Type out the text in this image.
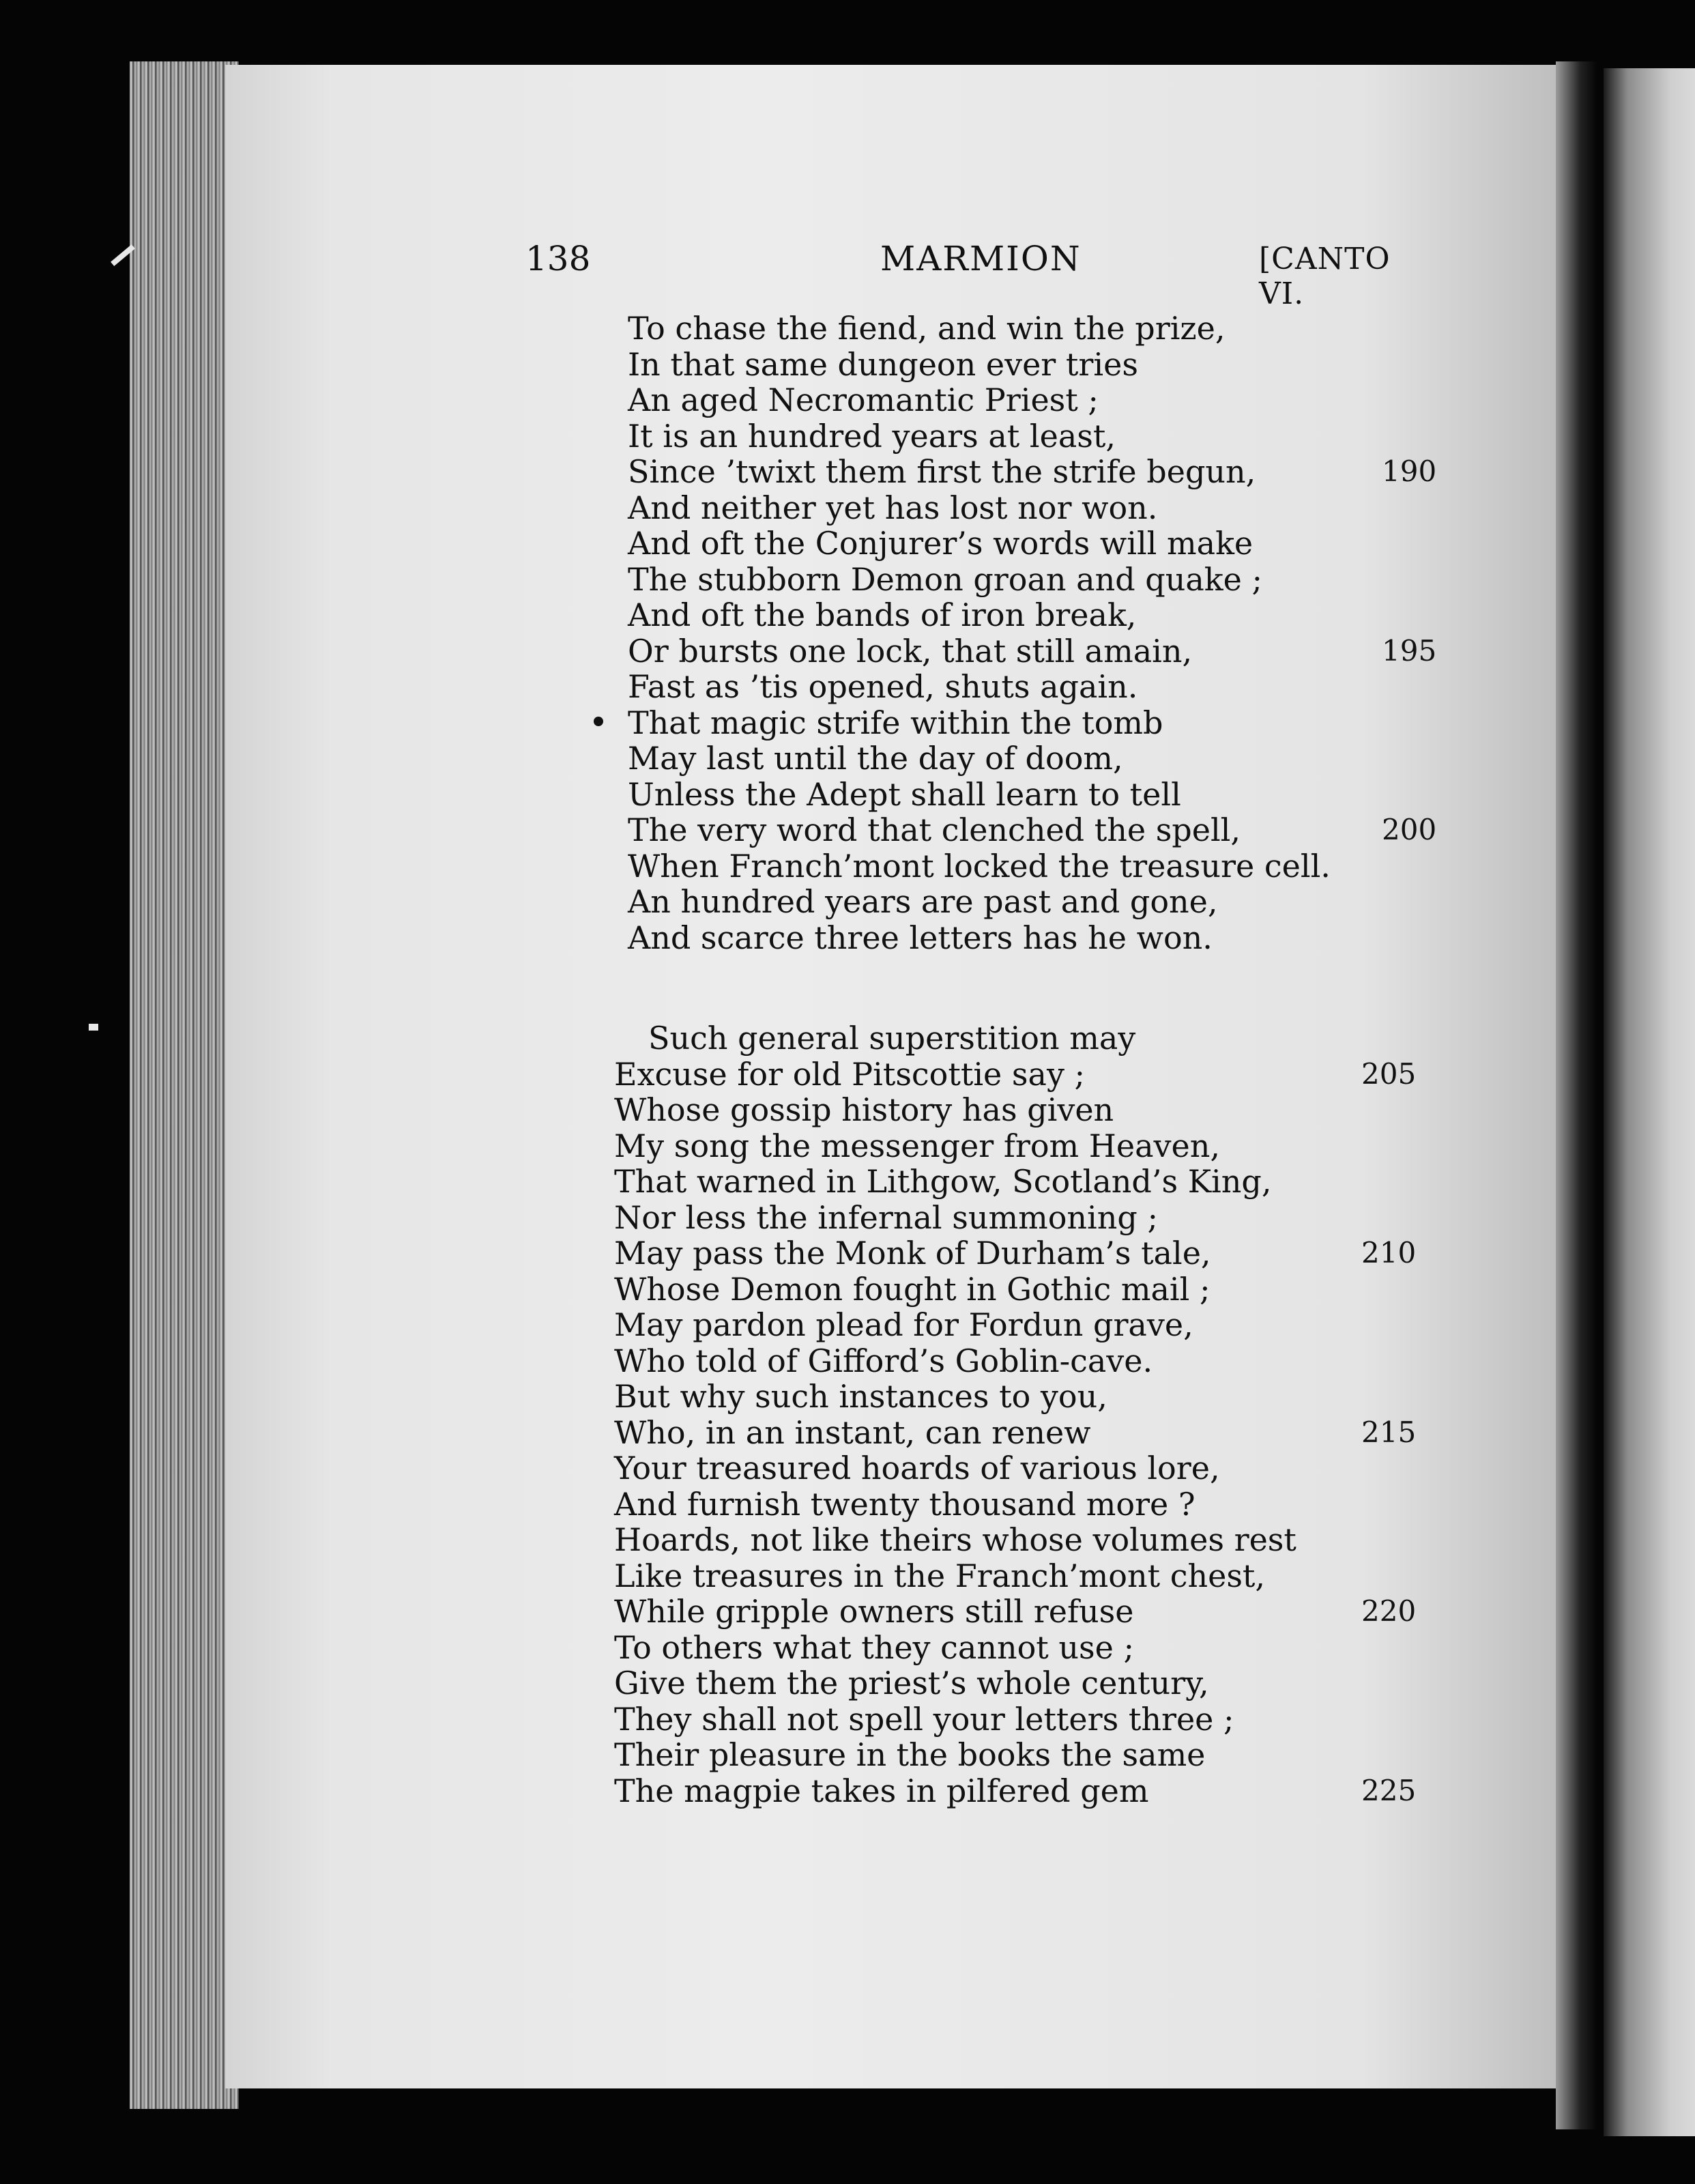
138	MARMION	[CANTO VI.
To chase the fiend, and win the prize,
In that same dungeon ever tries
An aged Necromantic Priest ;
It is an hundred years at least,
Since ’twixt them first the strife begun,	190
And neither yet has lost nor won.
And oft the Conjurer’s words will make
The stubborn Demon groan and quake ;
And oft the bands of iron break,
Or bursts one lock, that still amain,	195
Fast as ’tis opened, shuts again.
That magic strife within the tomb
May last until the day of doom,
Unless the Adept shall learn to tell
The very word that clenched the spell,	200
When Franch’mont locked the treasure cell.
An hundred years are past and gone,
And scarce three letters has he won.
Such general superstition may
Excuse for old Pitscottie say ;	205
Whose gossip history has given
My song the messenger from Heaven,
That warned in Lithgow, Scotland’s King,
Nor less the infernal summoning ;
May pass the Monk of Durham’s tale,	210
Whose Demon fought in Gothic mail ;
May pardon plead for Fordun grave,
Who told of Gifford’s Goblin-cave.
But why such instances to you,
Who, in an instant, can renew	215
Your treasured hoards of various lore,
And furnish twenty thousand more ?
Hoards, not like theirs whose volumes rest
Like treasures in the Franch’mont chest,
While gripple owners still refuse	220
To others what they cannot use ;
Give them the priest’s whole century,
They shall not spell your letters three ;
Their pleasure in the books the same
The magpie takes in pilfered gem	225
